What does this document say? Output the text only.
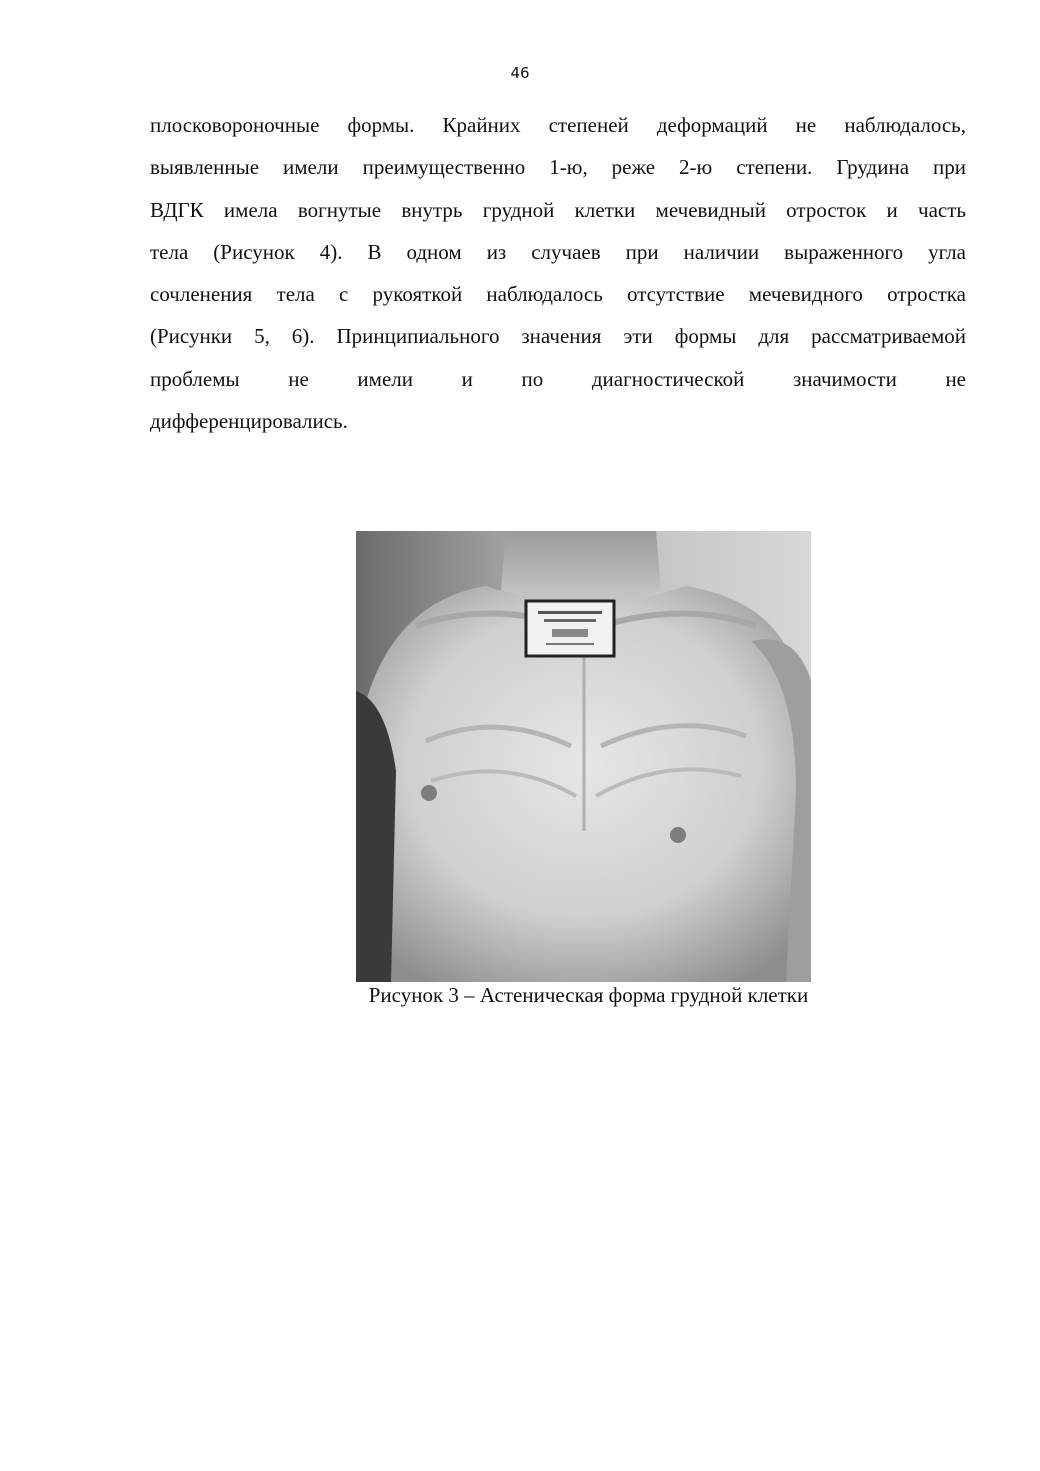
46
плосковороночные формы. Крайних степеней деформаций не наблюдалось,
выявленные имели преимущественно 1-ю, реже 2-ю степени. Грудина при
ВДГК имела вогнутые внутрь грудной клетки мечевидный отросток и часть
тела (Рисунок 4). В одном из случаев при наличии выраженного угла
сочленения тела с рукояткой наблюдалось отсутствие мечевидного отростка
(Рисунки 5, 6). Принципиального значения эти формы для рассматриваемой
проблемы не имели и по диагностической значимости не
дифференцировались.
Рисунок 3 – Астеническая форма грудной клетки
